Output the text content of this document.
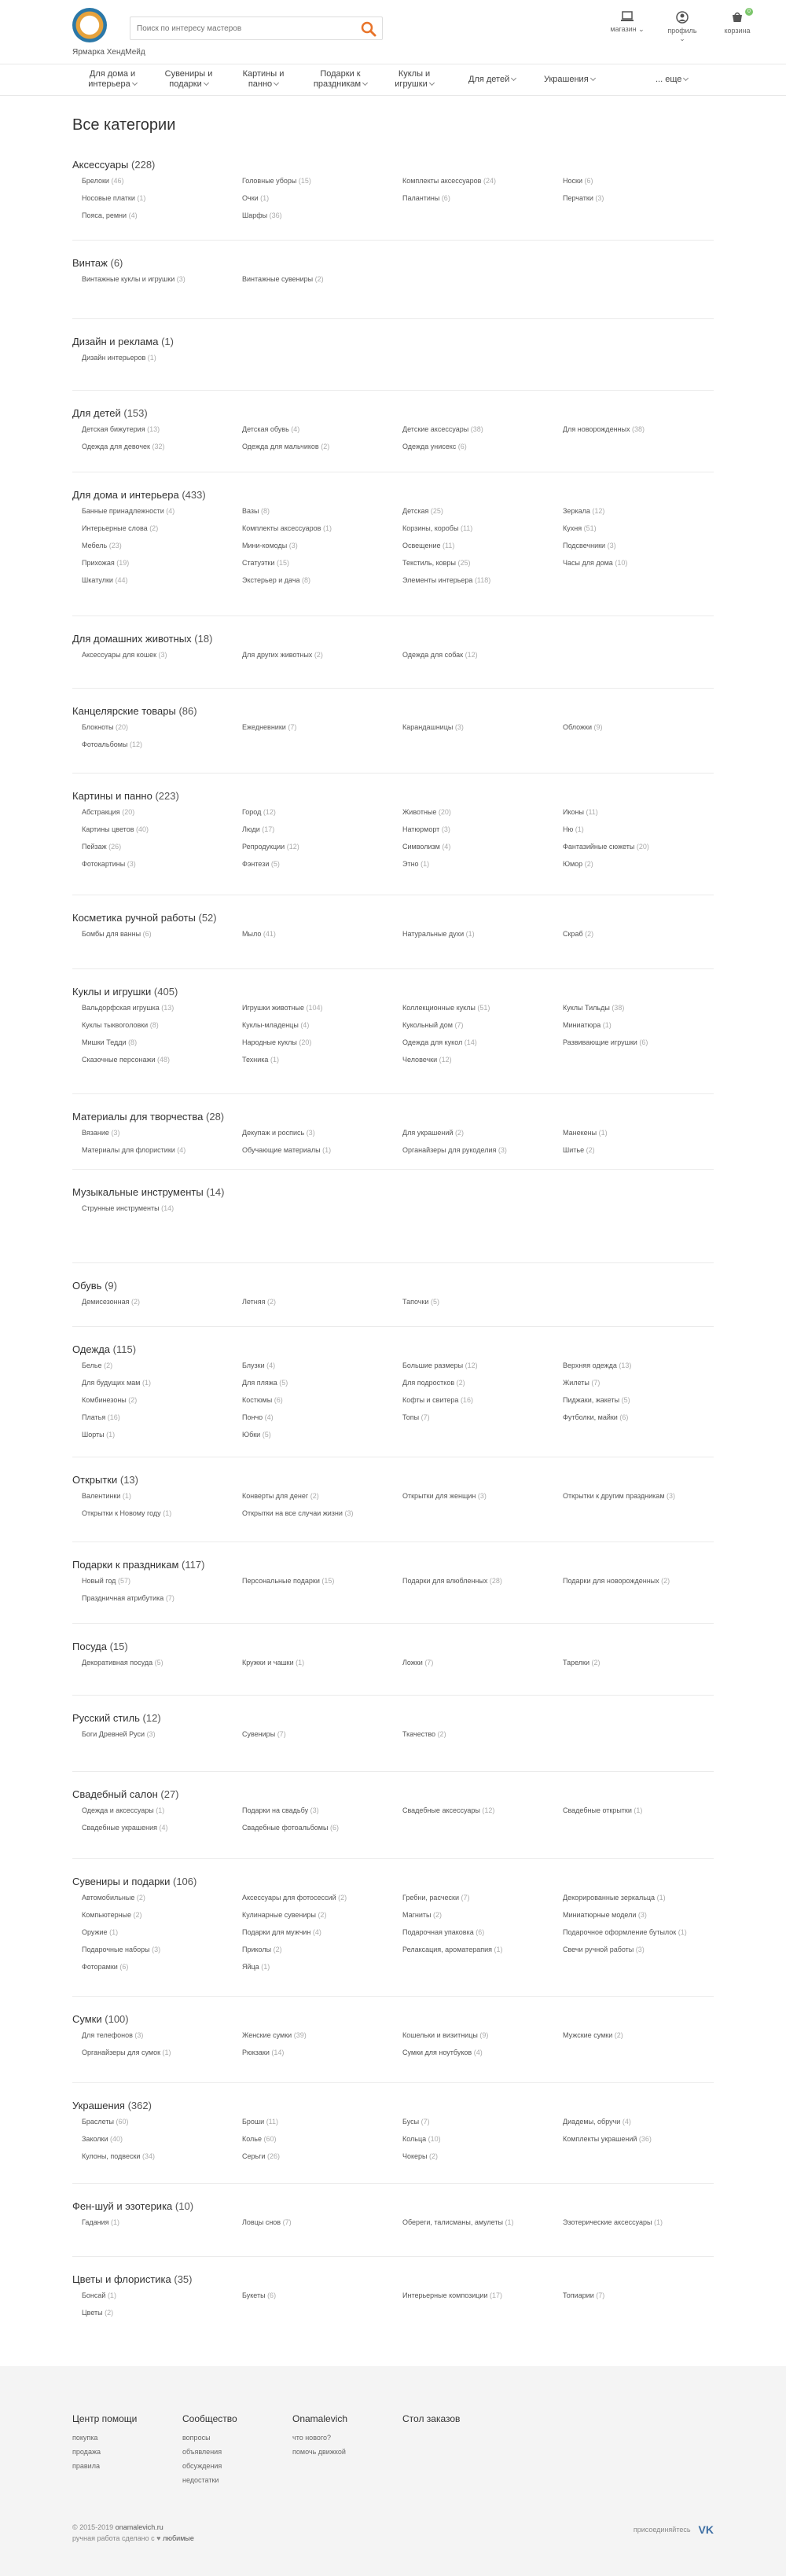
Ярмарка ХендМейд
Поиск по интересу мастеров
магазин ⌄	профиль ⌄
0
корзина
Для дома и интерьера
Сувениры и подарки
Картины и панно
Подарки к праздникам
Куклы и игрушки	Для детей	Украшения	... еще
Все категории
Аксессуары (228)
Брелоки (46)	Головные уборы (15)	Комплекты аксессуаров (24)	Носки (6)
Носовые платки (1)	Очки (1)	Палантины (6)	Перчатки (3)
Пояса, ремни (4)	Шарфы (36)
Винтаж (6)
Винтажные куклы и игрушки (3)	Винтажные сувениры (2)
Дизайн и реклама (1)
Дизайн интерьеров (1)
Для детей (153)
Детская бижутерия (13)	Детская обувь (4)	Детские аксессуары (38)	Для новорожденных (38)
Одежда для девочек (32)	Одежда для мальчиков (2)	Одежда унисекс (6)
Для дома и интерьера (433)
Банные принадлежности (4)	Вазы (8)	Детская (25)	Зеркала (12)
Интерьерные слова (2)	Комплекты аксессуаров (1)	Корзины, коробы (11)	Кухня (51)
Мебель (23)	Мини-комоды (3)	Освещение (11)	Подсвечники (3)
Прихожая (19)	Статуэтки (15)	Текстиль, ковры (25)	Часы для дома (10)
Шкатулки (44)	Экстерьер и дача (8)	Элементы интерьера (118)
Для домашних животных (18)
Аксессуары для кошек (3)	Для других животных (2)	Одежда для собак (12)
Канцелярские товары (86)
Блокноты (20)	Ежедневники (7)	Карандашницы (3)	Обложки (9)
Фотоальбомы (12)
Картины и панно (223)
Абстракция (20)	Город (12)	Животные (20)	Иконы (11)
Картины цветов (40)	Люди (17)	Натюрморт (3)	Ню (1)
Пейзаж (26)	Репродукции (12)	Символизм (4)	Фантазийные сюжеты (20)
Фотокартины (3)	Фэнтези (5)	Этно (1)	Юмор (2)
Косметика ручной работы (52)
Бомбы для ванны (6)	Мыло (41)	Натуральные духи (1)	Скраб (2)
Куклы и игрушки (405)
Вальдорфская игрушка (13)	Игрушки животные (104)	Коллекционные куклы (51)	Куклы Тильды (38)
Куклы тыквоголовки (8)	Куклы-младенцы (4)	Кукольный дом (7)	Миниатюра (1)
Мишки Тедди (8)	Народные куклы (20)	Одежда для кукол (14)	Развивающие игрушки (6)
Сказочные персонажи (48)	Техника (1)	Человечки (12)
Материалы для творчества (28)
Вязание (3)	Декупаж и роспись (3)	Для украшений (2)	Манекены (1)
Материалы для флористики (4)	Обучающие материалы (1)	Органайзеры для рукоделия (3)	Шитье (2)
Музыкальные инструменты (14)
Струнные инструменты (14)
Обувь (9)
Демисезонная (2)	Летняя (2)	Тапочки (5)
Одежда (115)
Белье (2)	Блузки (4)	Большие размеры (12)	Верхняя одежда (13)
Для будущих мам (1)	Для пляжа (5)	Для подростков (2)	Жилеты (7)
Комбинезоны (2)	Костюмы (6)	Кофты и свитера (16)	Пиджаки, жакеты (5)
Платья (16)	Пончо (4)	Топы (7)	Футболки, майки (6)
Шорты (1)	Юбки (5)
Открытки (13)
Валентинки (1)	Конверты для денег (2)	Открытки для женщин (3)	Открытки к другим праздникам (3)
Открытки к Новому году (1)	Открытки на все случаи жизни (3)
Подарки к праздникам (117)
Новый год (57)	Персональные подарки (15)	Подарки для влюбленных (28)	Подарки для новорожденных (2)
Праздничная атрибутика (7)
Посуда (15)
Декоративная посуда (5)	Кружки и чашки (1)	Ложки (7)	Тарелки (2)
Русский стиль (12)
Боги Древней Руси (3)	Сувениры (7)	Ткачество (2)
Свадебный салон (27)
Одежда и аксессуары (1)	Подарки на свадьбу (3)	Свадебные аксессуары (12)	Свадебные открытки (1)
Свадебные украшения (4)	Свадебные фотоальбомы (6)
Сувениры и подарки (106)
Автомобильные (2)	Аксессуары для фотосессий (2)	Гребни, расчески (7)	Декорированные зеркальца (1)
Компьютерные (2)	Кулинарные сувениры (2)	Магниты (2)	Миниатюрные модели (3)
Оружие (1)	Подарки для мужчин (4)	Подарочная упаковка (6)	Подарочное оформление бутылок (1)
Подарочные наборы (3)	Приколы (2)	Релаксация, ароматерапия (1)	Свечи ручной работы (3)
Фоторамки (6)	Яйца (1)
Сумки (100)
Для телефонов (3)	Женские сумки (39)	Кошельки и визитницы (9)	Мужские сумки (2)
Органайзеры для сумок (1)	Рюкзаки (14)	Сумки для ноутбуков (4)
Украшения (362)
Браслеты (60)	Броши (11)	Бусы (7)	Диадемы, обручи (4)
Заколки (40)	Колье (60)	Кольца (10)	Комплекты украшений (36)
Кулоны, подвески (34)	Серьги (26)	Чокеры (2)
Фен-шуй и эзотерика (10)
Гадания (1)	Ловцы снов (7)	Обереги, талисманы, амулеты (1)	Эзотерические аксессуары (1)
Цветы и флористика (35)
Бонсай (1)	Букеты (6)	Интерьерные композиции (17)	Топиарии (7)
Цветы (2)
Центр помощи
покупка
продажа
правила
Сообщество
вопросы
объявления
обсуждения
недостатки
Onamalevich
что нового?
помочь движкой
Стол заказов
© 2015-2019 onamalevich.ru
ручная работа сделано с ♥ любимые
присоединяйтесь VK
